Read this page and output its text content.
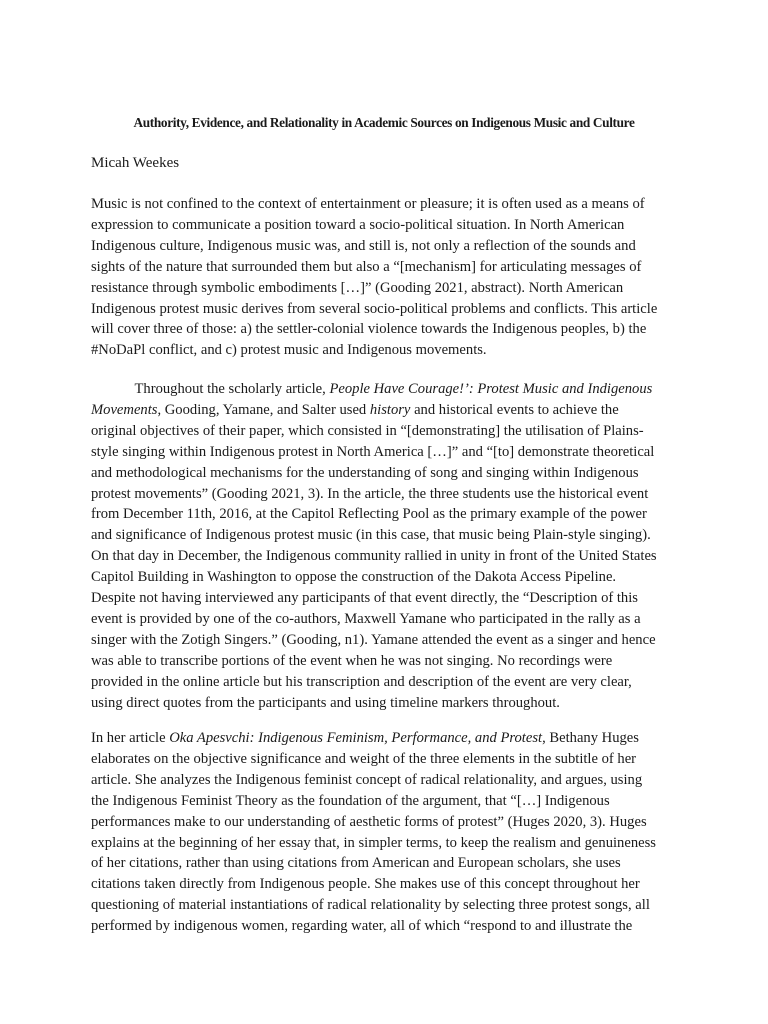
Authority, Evidence, and Relationality in Academic Sources on Indigenous Music and Culture

Micah Weekes

Music is not confined to the context of entertainment or pleasure; it is often used as a means of
expression to communicate a position toward a socio-political situation. In North American
Indigenous culture, Indigenous music was, and still is, not only a reflection of the sounds and
sights of the nature that surrounded them but also a “[mechanism] for articulating messages of
resistance through symbolic embodiments […]” (Gooding 2021, abstract). North American
Indigenous protest music derives from several socio-political problems and conflicts. This article
will cover three of those: a) the settler-colonial violence towards the Indigenous peoples, b) the
#NoDaPl conflict, and c) protest music and Indigenous movements.

Throughout the scholarly article, People Have Courage!’: Protest Music and Indigenous
Movements, Gooding, Yamane, and Salter used history and historical events to achieve the
original objectives of their paper, which consisted in “[demonstrating] the utilisation of Plains-
style singing within Indigenous protest in North America […]” and “[to] demonstrate theoretical
and methodological mechanisms for the understanding of song and singing within Indigenous
protest movements” (Gooding 2021, 3). In the article, the three students use the historical event
from December 11th, 2016, at the Capitol Reflecting Pool as the primary example of the power
and significance of Indigenous protest music (in this case, that music being Plain-style singing).
On that day in December, the Indigenous community rallied in unity in front of the United States
Capitol Building in Washington to oppose the construction of the Dakota Access Pipeline.
Despite not having interviewed any participants of that event directly, the “Description of this
event is provided by one of the co-authors, Maxwell Yamane who participated in the rally as a
singer with the Zotigh Singers.” (Gooding, n1). Yamane attended the event as a singer and hence
was able to transcribe portions of the event when he was not singing. No recordings were
provided in the online article but his transcription and description of the event are very clear,
using direct quotes from the participants and using timeline markers throughout.

In her article Oka Apesvchi: Indigenous Feminism, Performance, and Protest, Bethany Huges
elaborates on the objective significance and weight of the three elements in the subtitle of her
article. She analyzes the Indigenous feminist concept of radical relationality, and argues, using
the Indigenous Feminist Theory as the foundation of the argument, that “[…] Indigenous
performances make to our understanding of aesthetic forms of protest” (Huges 2020, 3). Huges
explains at the beginning of her essay that, in simpler terms, to keep the realism and genuineness
of her citations, rather than using citations from American and European scholars, she uses
citations taken directly from Indigenous people. She makes use of this concept throughout her
questioning of material instantiations of radical relationality by selecting three protest songs, all
performed by indigenous women, regarding water, all of which “respond to and illustrate the
